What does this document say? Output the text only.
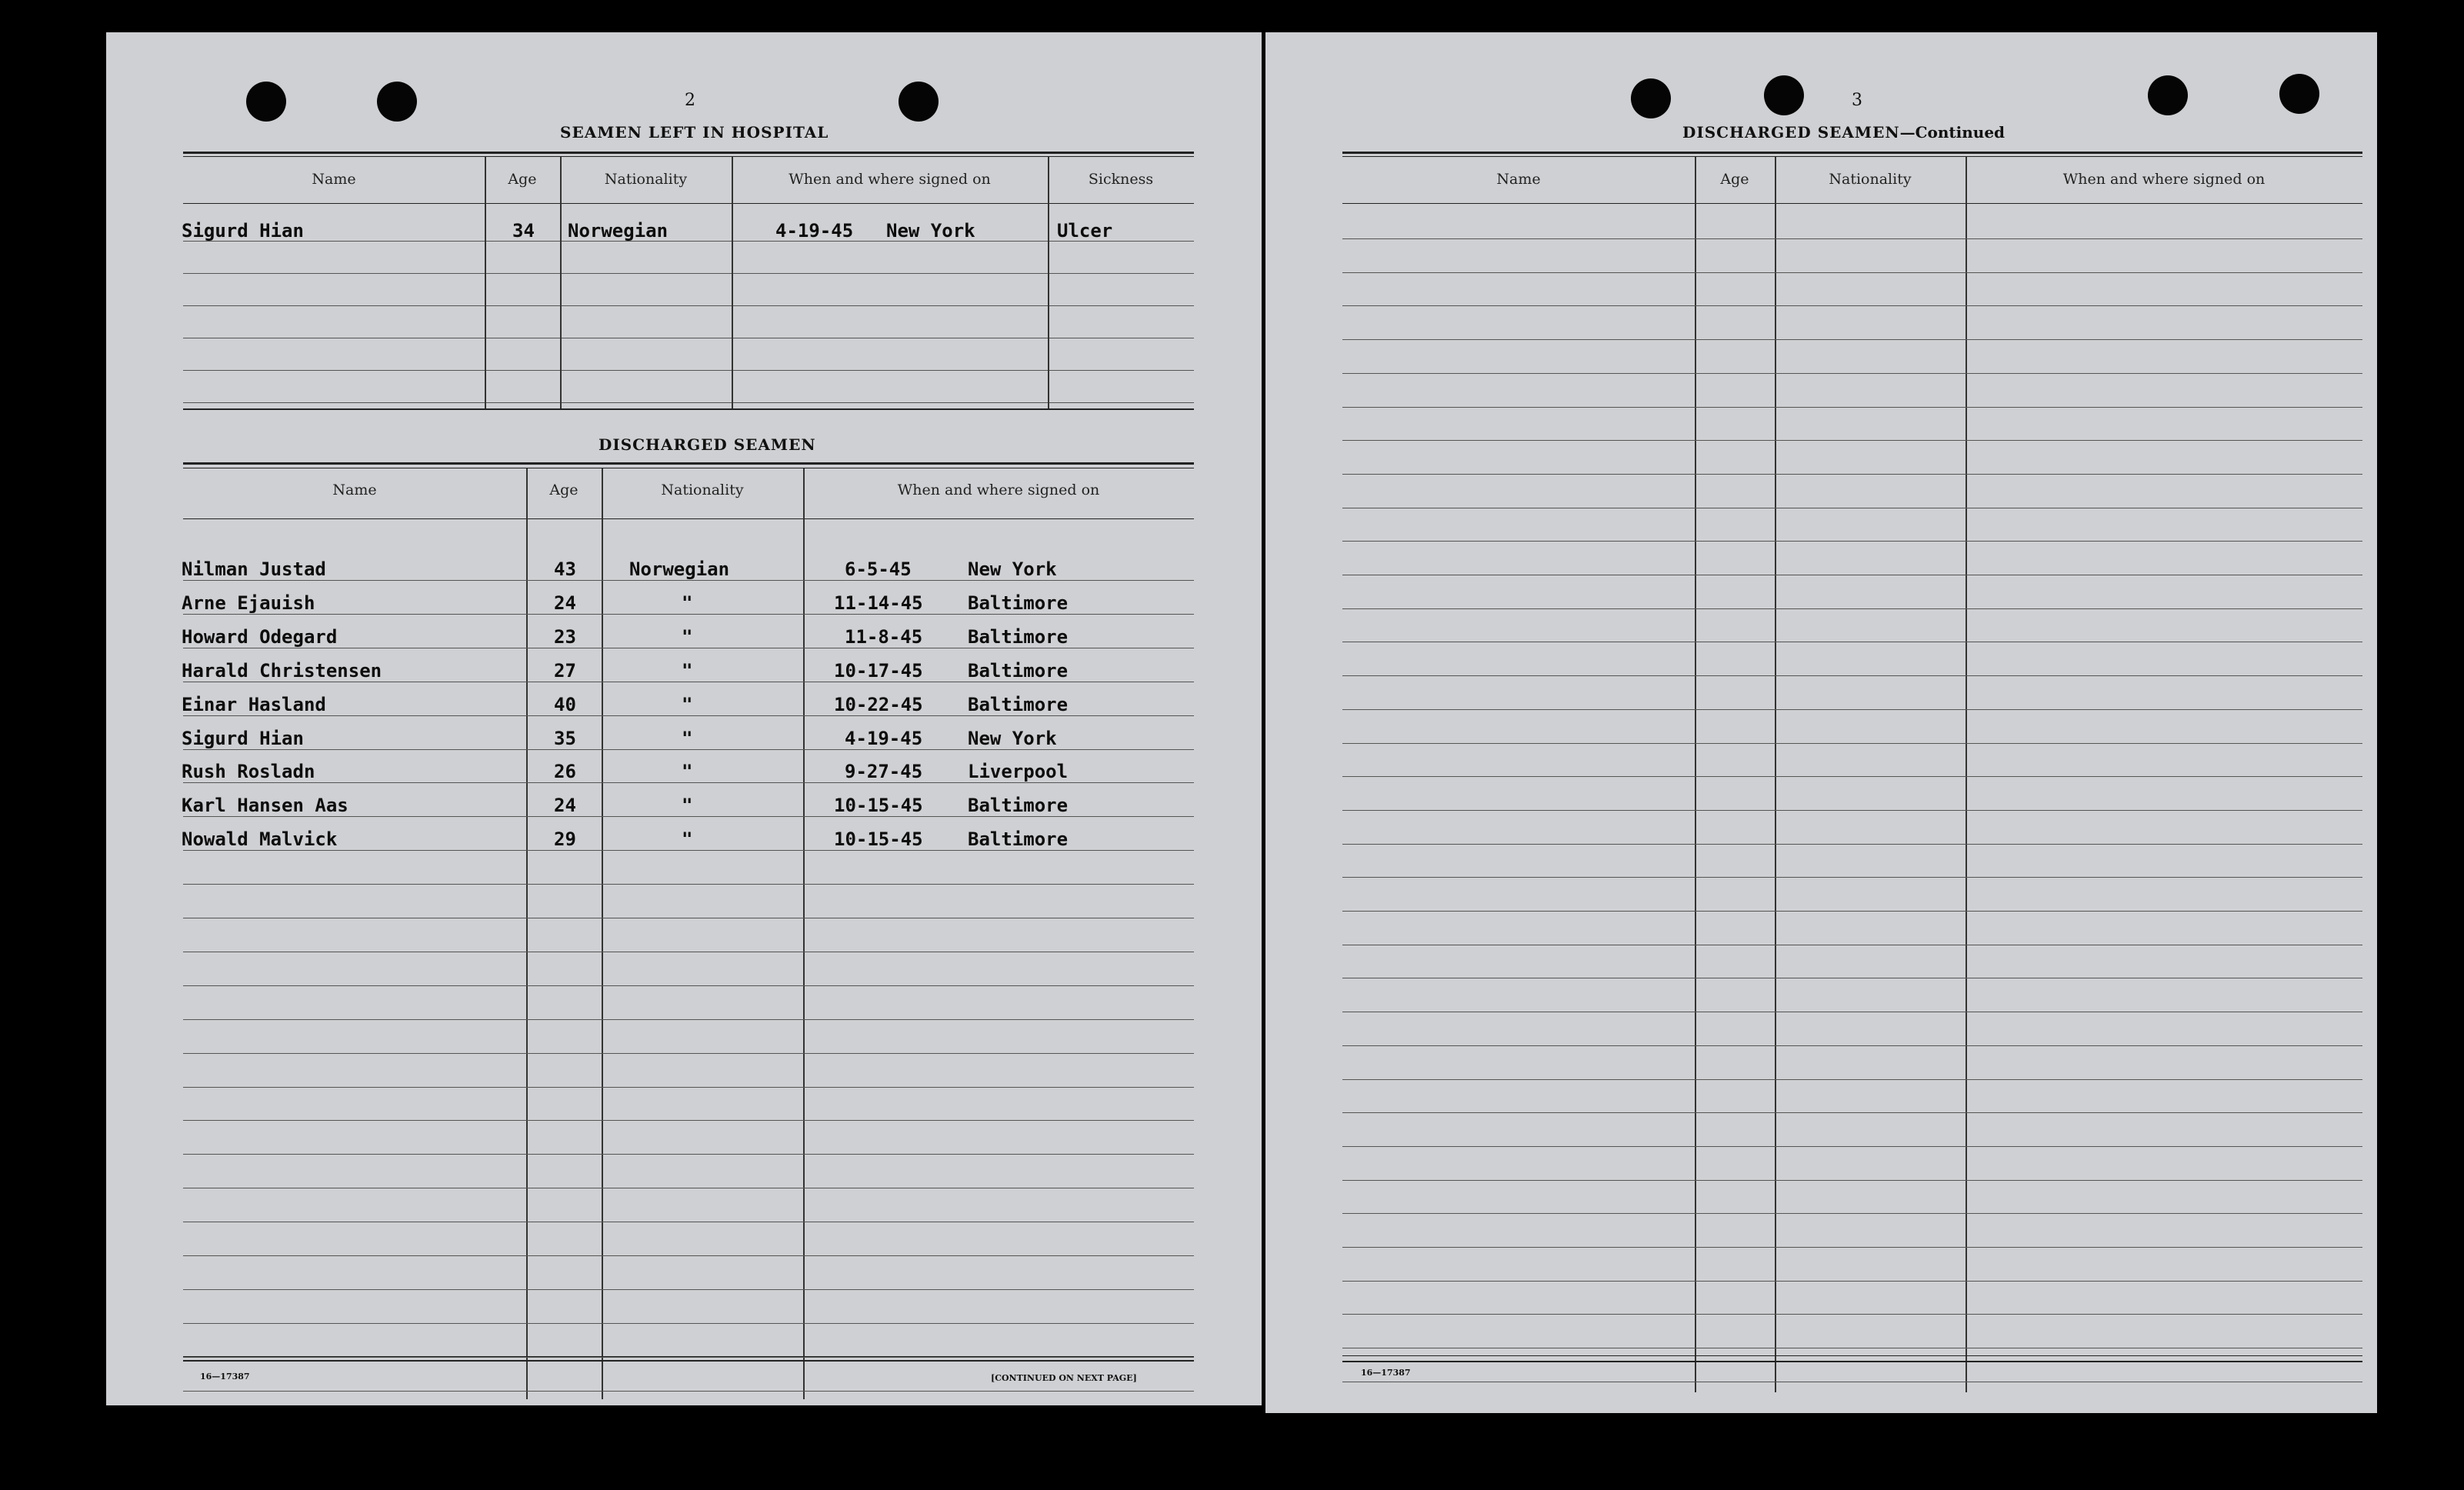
2
SEAMEN LEFT IN HOSPITAL
Name	Age	Nationality	When and where signed on	Sickness
Sigurd Hian	34 Norwegian	4-19-45 New York	Ulcer
DISCHARGED SEAMEN
Name	Age	Nationality	When and where signed on
Nilman Justad	43	Norwegian	6-5-45	New York
Arne Ejauish	24	"	11-14-45 Baltimore
Howard Odegard	23	"	11-8-45 Baltimore
Harald Christensen	27	"	10-17-45 Baltimore
Einar Hasland	40	"	10-22-45 Baltimore
Sigurd Hian	35	"	4-19-45 New York
Rush Rosladn	26	"	9-27-45 Liverpool
Karl Hansen Aas	24	"	10-15-45 Baltimore
Nowald Malvick	29	"	10-15-45 Baltimore
16—17387	[CONTINUED ON NEXT PAGE]
3
DISCHARGED SEAMEN—Continued
Name	Age	Nationality	When and where signed on
16—17387
